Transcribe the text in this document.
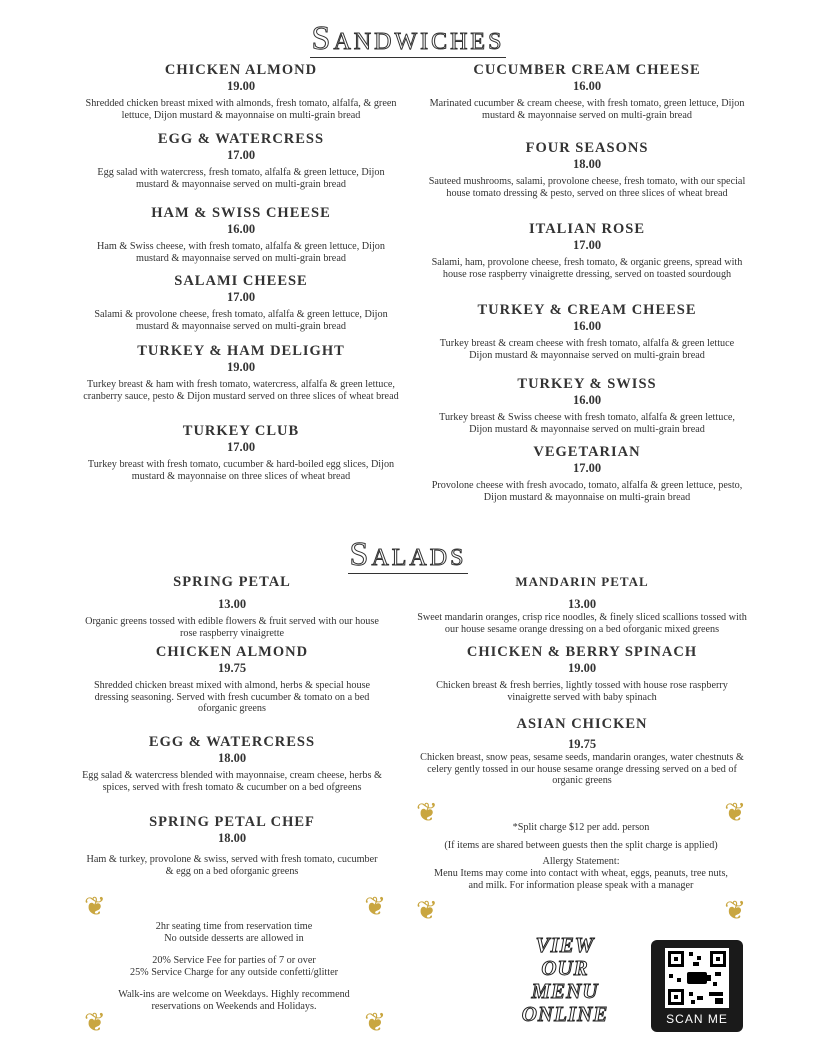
Sandwiches
CHICKEN ALMOND
19.00
Shredded chicken breast mixed with almonds, fresh tomato, alfalfa, & green lettuce, Dijon mustard & mayonnaise on multi-grain bread
EGG & WATERCRESS
17.00
Egg salad with watercress, fresh tomato, alfalfa & green lettuce, Dijon mustard & mayonnaise served on multi-grain bread
HAM & SWISS CHEESE
16.00
Ham & Swiss cheese, with fresh tomato, alfalfa & green lettuce, Dijon mustard & mayonnaise served on multi-grain bread
SALAMI CHEESE
17.00
Salami & provolone cheese, fresh tomato, alfalfa & green lettuce, Dijon mustard & mayonnaise served on multi-grain bread
TURKEY & HAM DELIGHT
19.00
Turkey breast & ham with fresh tomato, watercress, alfalfa & green lettuce, cranberry sauce, pesto & Dijon mustard served on three slices of wheat bread
TURKEY CLUB
17.00
Turkey breast with fresh tomato, cucumber & hard-boiled egg slices, Dijon mustard & mayonnaise on three slices of wheat bread
CUCUMBER CREAM CHEESE
16.00
Marinated cucumber & cream cheese, with fresh tomato, green lettuce, Dijon mustard & mayonnaise served on multi-grain bread
FOUR SEASONS
18.00
Sauteed mushrooms, salami, provolone cheese, fresh tomato, with our special house tomato dressing & pesto, served on three slices of wheat bread
ITALIAN ROSE
17.00
Salami, ham, provolone cheese, fresh tomato, & organic greens, spread with house rose raspberry vinaigrette dressing, served on toasted sourdough
TURKEY & CREAM CHEESE
16.00
Turkey breast & cream cheese with fresh tomato, alfalfa & green lettuce Dijon mustard & mayonnaise served on multi-grain bread
TURKEY & SWISS
16.00
Turkey breast & Swiss cheese with fresh tomato, alfalfa & green lettuce, Dijon mustard & mayonnaise served on multi-grain bread
VEGETARIAN
17.00
Provolone cheese with fresh avocado, tomato, alfalfa & green lettuce, pesto, Dijon mustard & mayonnaise on multi-grain bread
Salads
SPRING PETAL
13.00
Organic greens tossed with edible flowers & fruit served with our house rose raspberry vinaigrette
CHICKEN ALMOND
19.75
Shredded chicken breast mixed with almond, herbs & special house dressing seasoning. Served with fresh cucumber & tomato on a bed oforganic greens
EGG & WATERCRESS
18.00
Egg salad & watercress blended with mayonnaise, cream cheese, herbs & spices, served with fresh tomato & cucumber on a bed ofgreens
SPRING PETAL CHEF
18.00
Ham & turkey, provolone & swiss, served with fresh tomato, cucumber & egg on a bed oforganic greens
MANDARIN PETAL
13.00
Sweet mandarin oranges, crisp rice noodles, & finely sliced scallions tossed with our house sesame orange dressing on a bed oforganic mixed greens
CHICKEN & BERRY SPINACH
19.00
Chicken breast & fresh berries, lightly tossed with house rose raspberry vinaigrette served with baby spinach
ASIAN CHICKEN
19.75
Chicken breast, snow peas, sesame seeds, mandarin oranges, water chestnuts & celery gently tossed in our house sesame orange dressing served on a bed of organic greens
❦	❦
❦	❦
*Split charge $12 per add. person
(If items are shared between guests then the split charge is applied)
Allergy Statement:
Menu Items may come into contact with wheat, eggs, peanuts, tree nuts, and milk. For information please speak with a manager
❦	❦
❦	❦
2hr seating time from reservation time
No outside desserts are allowed in
20% Service Fee for parties of 7 or over
25% Service Charge for any outside confetti/glitter
Walk-ins are welcome on Weekdays. Highly recommend reservations on Weekends and Holidays.
VIEW
OUR
MENU
ONLINE	SCAN ME
